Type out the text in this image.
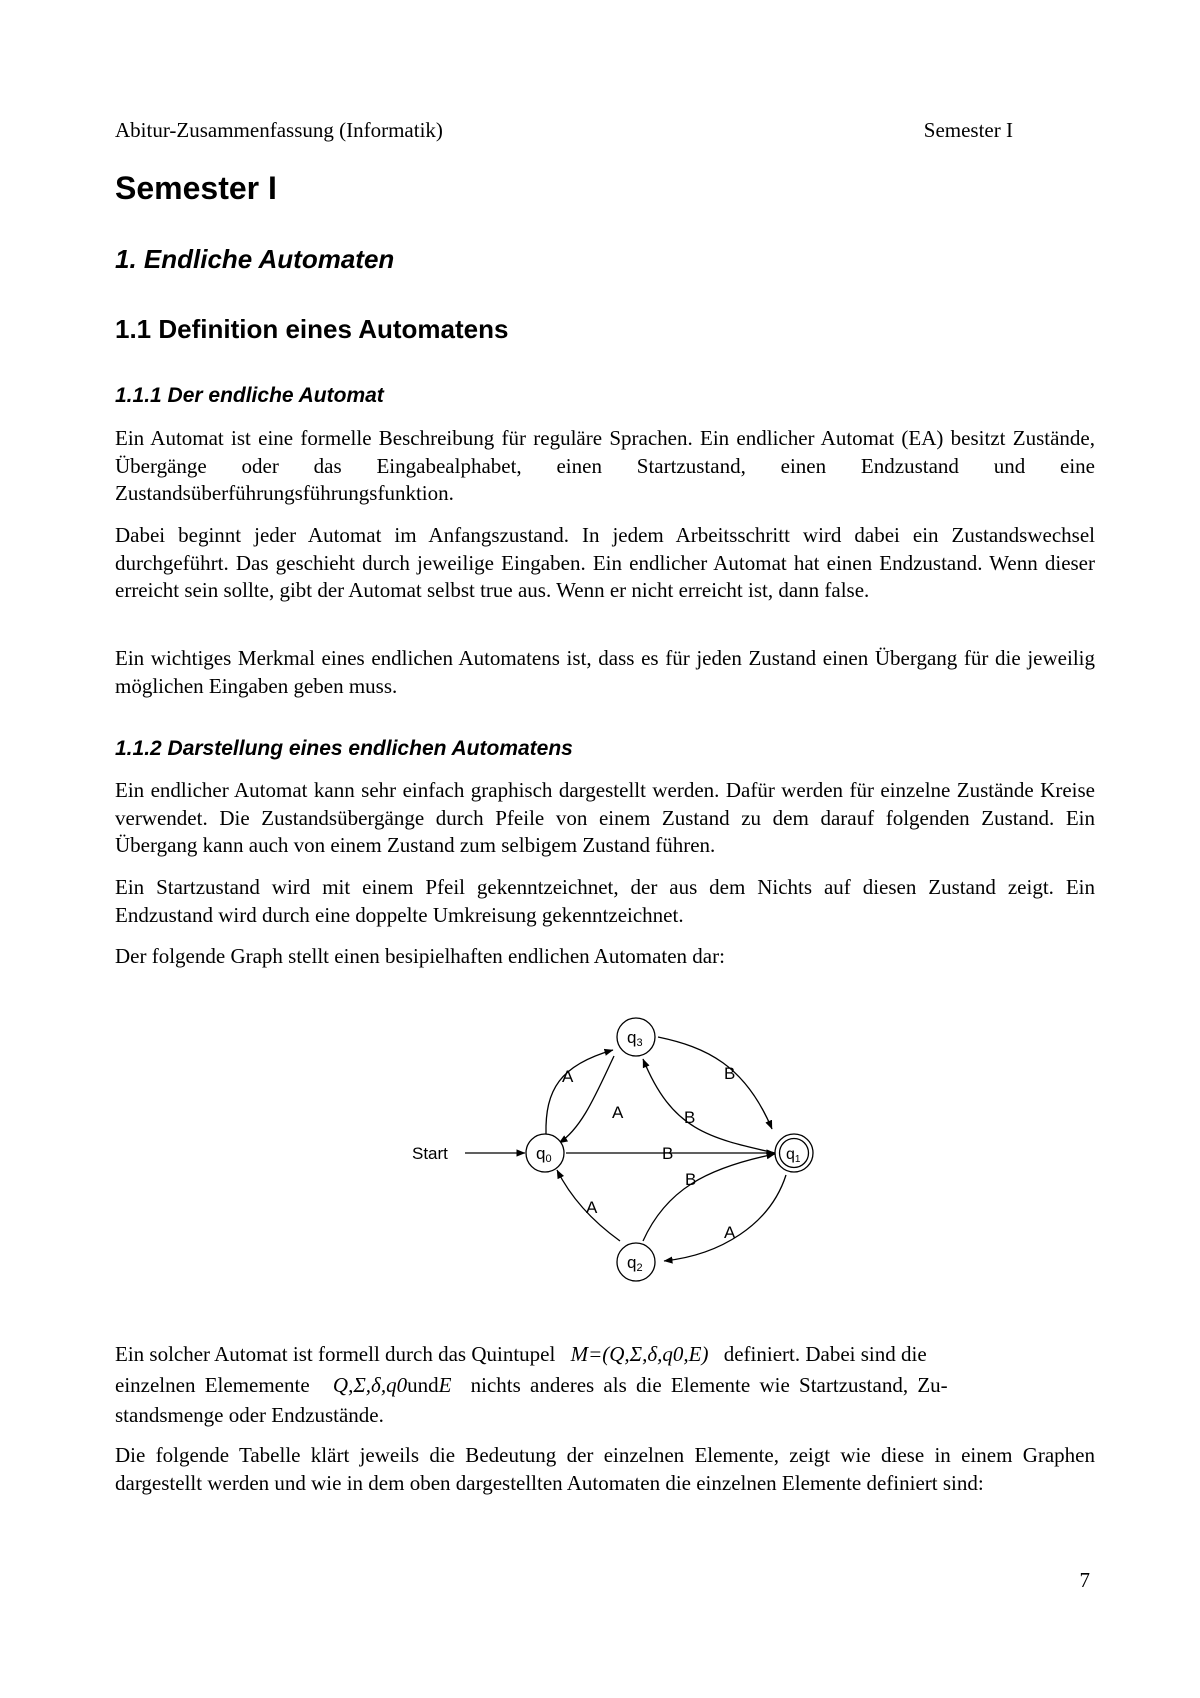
Abitur-Zusammenfassung (Informatik)	Semester I
Semester I
1. Endliche Automaten
1.1 Definition eines Automatens
1.1.1 Der endliche Automat
Ein Automat ist eine formelle Beschreibung für reguläre Sprachen. Ein endlicher Automat (EA) besitzt Zustände, Übergänge oder das Eingabealphabet, einen Startzustand, einen Endzustand und eine Zustandsüberführungsführungsfunktion.
Dabei beginnt jeder Automat im Anfangszustand. In jedem Arbeitsschritt wird dabei ein Zustandswechsel durchgeführt. Das geschieht durch jeweilige Eingaben. Ein endlicher Automat hat einen Endzustand. Wenn dieser erreicht sein sollte, gibt der Automat selbst true aus. Wenn er nicht erreicht ist, dann false.
Ein wichtiges Merkmal eines endlichen Automatens ist, dass es für jeden Zustand einen Übergang für die jeweilig möglichen Eingaben geben muss.
1.1.2 Darstellung eines endlichen Automatens
Ein endlicher Automat kann sehr einfach graphisch dargestellt werden. Dafür werden für einzelne Zustände Kreise verwendet. Die Zustandsübergänge durch Pfeile von einem Zustand zu dem darauf folgenden Zustand. Ein Übergang kann auch von einem Zustand zum selbigem Zustand führen.
Ein Startzustand wird mit einem Pfeil gekenntzeichnet, der aus dem Nichts auf diesen Zustand zeigt. Ein Endzustand wird durch eine doppelte Umkreisung gekenntzeichnet.
Der folgende Graph stellt einen besipielhaften endlichen Automaten dar:
Start	q0
q3
q1
q2
A
A
B
B
B
B
A
A
Ein solcher Automat ist formell durch das Quintupel M=(Q,Σ,δ,q0,E) definiert. Dabei sind die
einzelnen Elememente Q,Σ,δ,q0undE nichts anderes als die Elemente wie Startzustand, Zu-
standsmenge oder Endzustände.
Die folgende Tabelle klärt jeweils die Bedeutung der einzelnen Elemente, zeigt wie diese in einem Graphen dargestellt werden und wie in dem oben dargestellten Automaten die einzelnen Elemente definiert sind:
7
